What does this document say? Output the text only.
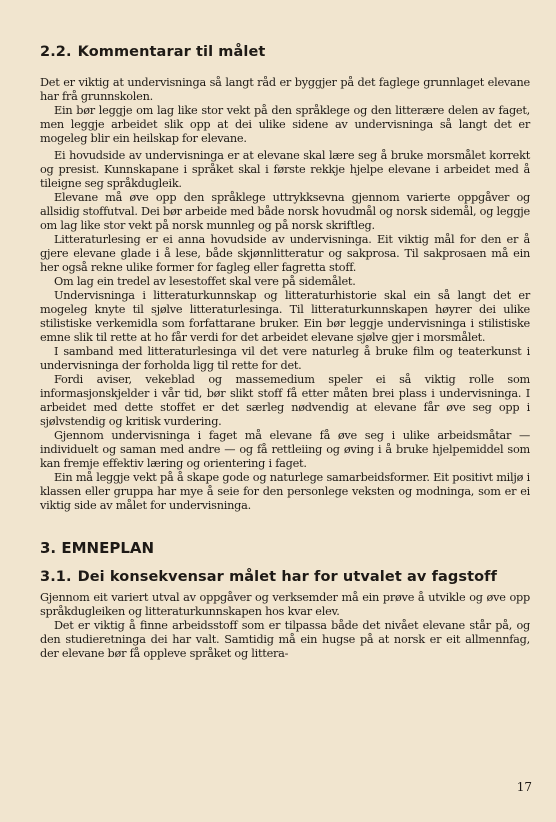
2.2. Kommentarar til målet

Det er viktig at undervisninga så langt råd er byggjer på det faglege grunnlaget elevane har frå grunnskolen.

Ein bør leggje om lag like stor vekt på den språklege og den litterære delen av faget, men leggje arbeidet slik opp at dei ulike sidene av undervisninga så langt det er mogeleg blir ein heilskap for elevane.

Ei hovudside av undervisninga er at elevane skal lære seg å bruke morsmålet korrekt og presist. Kunnskapane i språket skal i første rekkje hjelpe elevane i arbeidet med å tileigne seg språkdugleik.

Elevane må øve opp den språklege uttrykksevna gjennom varierte oppgåver og allsidig stoffutval. Dei bør arbeide med både norsk hovudmål og norsk sidemål, og leggje om lag like stor vekt på norsk munnleg og på norsk skriftleg.

Litteraturlesing er ei anna hovudside av undervisninga. Eit viktig mål for den er å gjere elevane glade i å lese, både skjønnlitteratur og sakprosa. Til sakprosaen må ein her også rekne ulike former for fagleg eller fagretta stoff.

Om lag ein tredel av lesestoffet skal vere på sidemålet.

Undervisninga i litteraturkunnskap og litteraturhistorie skal ein så langt det er mogeleg knyte til sjølve litteraturlesinga. Til litteraturkunnskapen høyrer dei ulike stilistiske verkemidla som forfattarane bruker. Ein bør leggje undervisninga i stilistiske emne slik til rette at ho får verdi for det arbeidet elevane sjølve gjer i morsmålet.

I samband med litteraturlesinga vil det vere naturleg å bruke film og teaterkunst i undervisninga der forholda ligg til rette for det.

Fordi aviser, vekeblad og massemedium speler ei så viktig rolle som informasjonskjelder i vår tid, bør slikt stoff få etter måten brei plass i undervisninga. I arbeidet med dette stoffet er det særleg nødvendig at elevane får øve seg opp i sjølvstendig og kritisk vurdering.

Gjennom undervisninga i faget må elevane få øve seg i ulike arbeidsmåtar — individuelt og saman med andre — og få rettleiing og øving i å bruke hjelpemiddel som kan fremje effektiv læring og orientering i faget.

Ein må leggje vekt på å skape gode og naturlege samarbeidsformer. Eit positivt miljø i klassen eller gruppa har mye å seie for den personlege veksten og modninga, som er ei viktig side av målet for undervisninga.

3. EMNEPLAN
3.1. Dei konsekvensar målet har for utvalet av fagstoff

Gjennom eit variert utval av oppgåver og verksemder må ein prøve å utvikle og øve opp språkdugleiken og litteraturkunnskapen hos kvar elev.

Det er viktig å finne arbeidsstoff som er tilpassa både det nivået elevane står på, og den studieretninga dei har valt. Samtidig må ein hugse på at norsk er eit allmennfag, der elevane bør få oppleve språket og littera-

17
